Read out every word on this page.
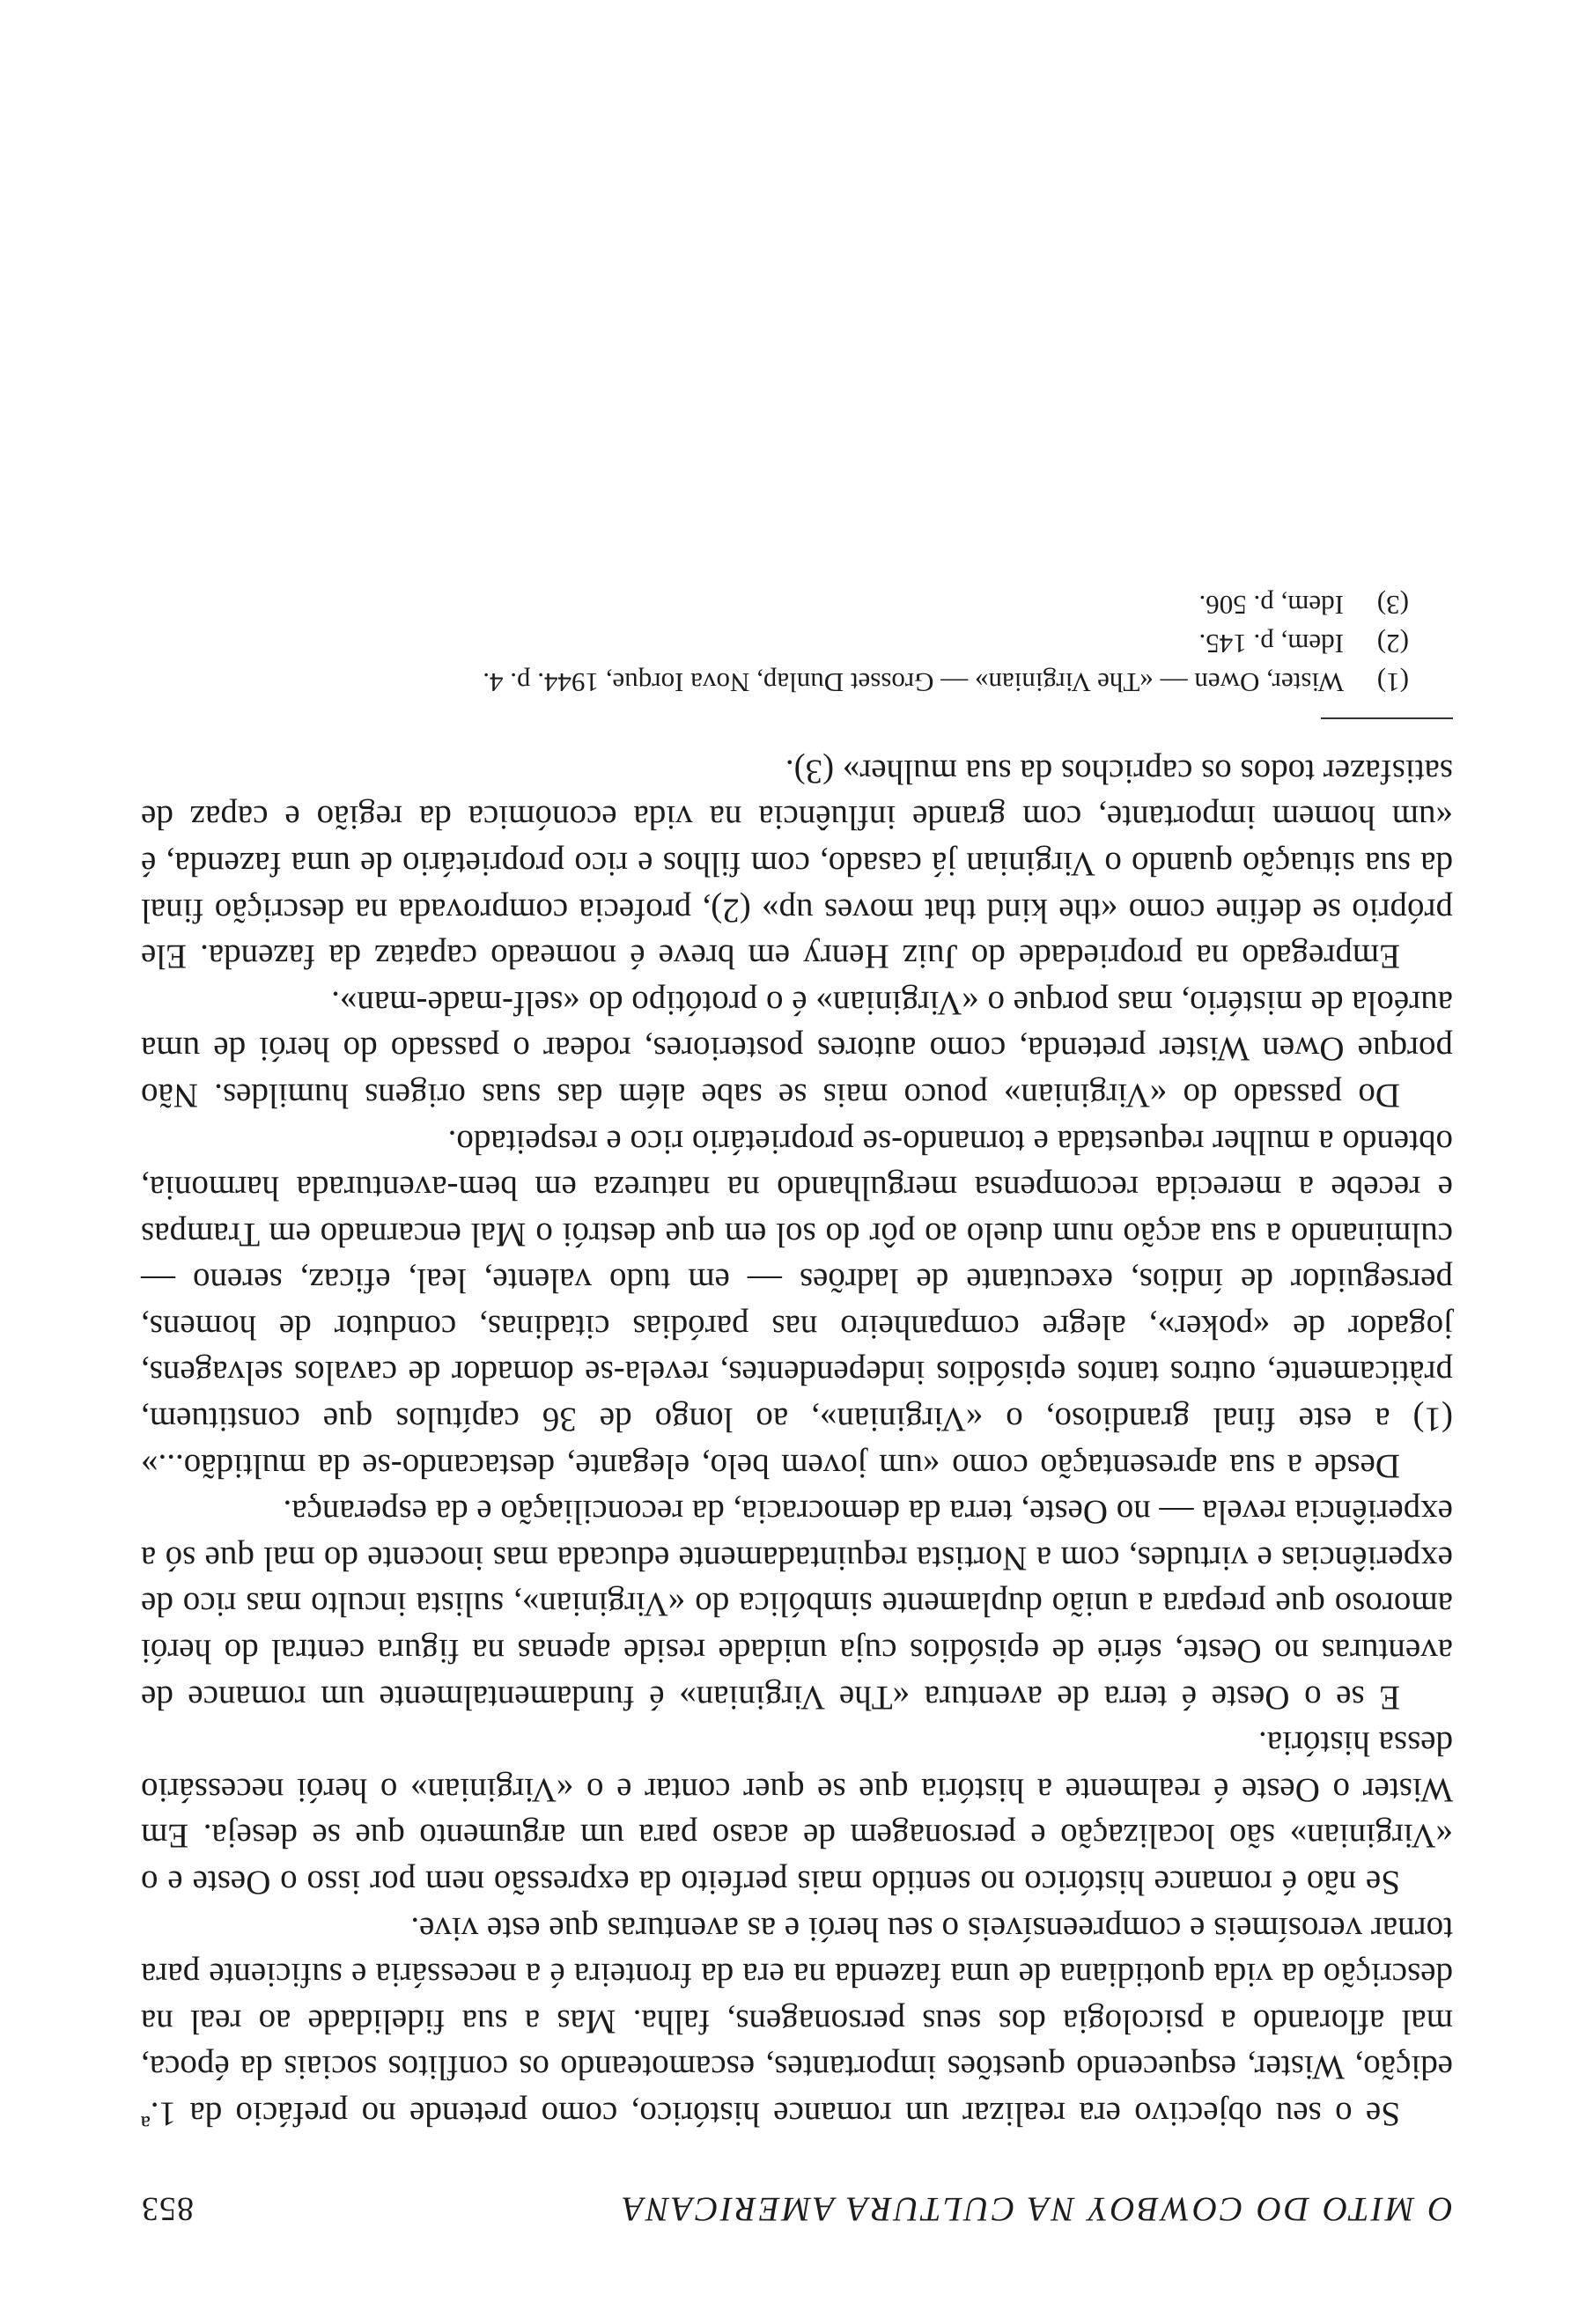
O MITO DO COWBOY NA CULTURA AMERICANA
853

Se o seu objectivo era realizar um romance histórico, como pretende no prefácio da 1.ª edição, Wister, esquecendo questões importantes, escamoteando os conflitos sociais da época, mal aflorando a psicologia dos seus personagens, falha. Mas a sua fidelidade ao real na descrição da vida quotidiana de uma fazenda na era da fronteira é a necessária e suficiente para tornar verosímeis e compreensíveis o seu herói e as aventuras que este vive.

Se não é romance histórico no sentido mais perfeito da expressão nem por isso o Oeste e o «Virginian» são localização e personagem de acaso para um argumento que se deseja. Em Wister o Oeste é realmente a história que se quer contar e o «Virginian» o herói necessário dessa história.

E se o Oeste é terra de aventura «The Virginian» é fundamentalmente um romance de aventuras no Oeste, série de episódios cuja unidade reside apenas na figura central do herói amoroso que prepara a união duplamente simbólica do «Virginian», sulista inculto mas rico de experiências e virtudes, com a Nortista requintadamente educada mas inocente do mal que só a experiência revela — no Oeste, terra da democracia, da reconciliação e da esperança.

Desde a sua apresentação como «um jovem belo, elegante, destacando-se da multidão...» (1) a este final grandioso, o «Virginian», ao longo de 36 capítulos que constituem, pràticamente, outros tantos episódios independentes, revela-se domador de cavalos selvagens, jogador de «poker», alegre companheiro nas paródias citadinas, condutor de homens, perseguidor de índios, executante de ladrões — em tudo valente, leal, eficaz, sereno — culminando a sua acção num duelo ao pôr do sol em que destrói o Mal encarnado em Trampas e recebe a merecida recompensa mergulhando na natureza em bem-aventurada harmonia, obtendo a mulher requestada e tornando-se proprietário rico e respeitado.

Do passado do «Virginian» pouco mais se sabe além das suas origens humildes. Não porque Owen Wister pretenda, como autores posteriores, rodear o passado do herói de uma auréola de mistério, mas porque o «Virginian» é o protótipo do «self-made-man».

Empregado na propriedade do Juiz Henry em breve é nomeado capataz da fazenda. Ele próprio se define como «the kind that moves up» (2), profecia comprovada na descrição final da sua situação quando o Virginian já casado, com filhos e rico proprietário de uma fazenda, é «um homem importante, com grande influência na vida económica da região e capaz de satisfazer todos os caprichos da sua mulher» (3).

(1)Wister, Owen — «The Virginian» — Grosset Dunlap, Nova Iorque, 1944. p. 4.

(2)Idem, p. 145.

(3)Idem, p. 506.
